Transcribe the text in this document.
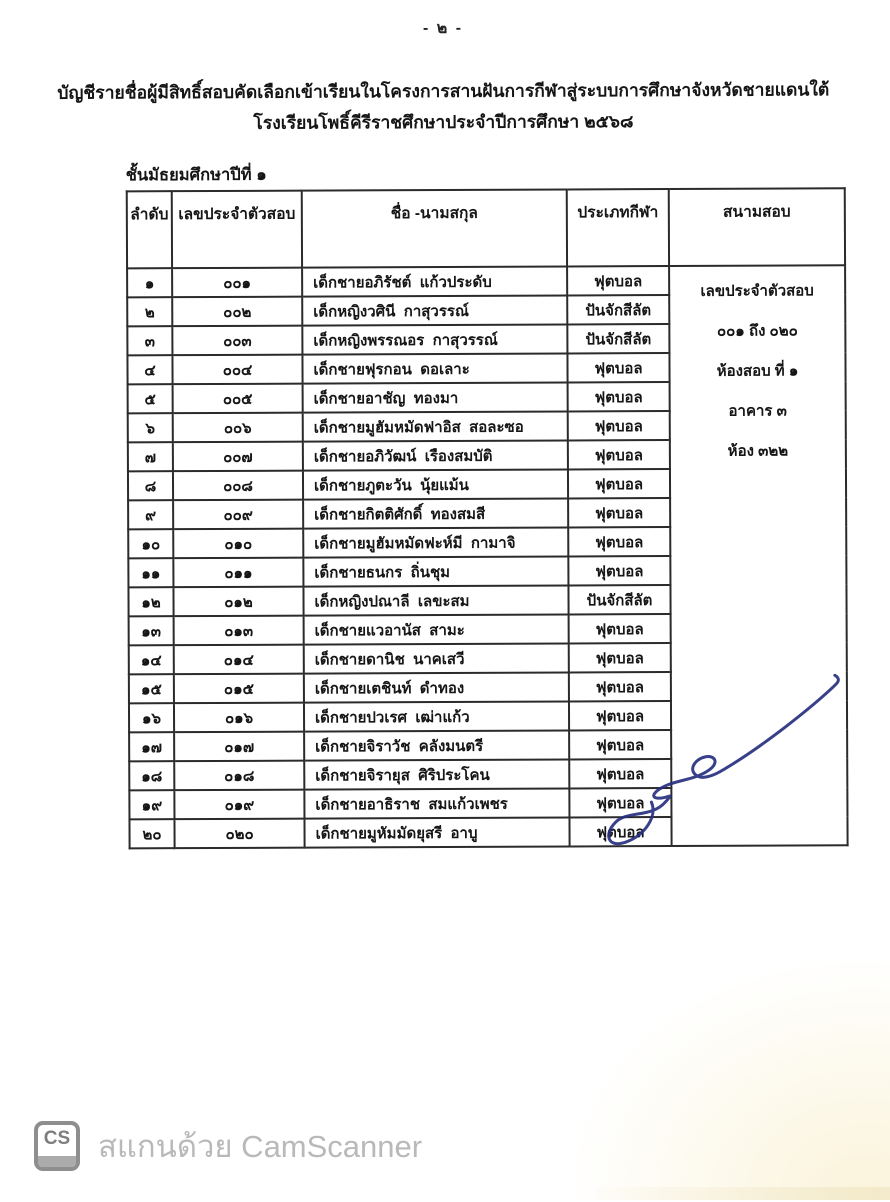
- ๒ -
บัญชีรายชื่อผู้มีสิทธิ์สอบคัดเลือกเข้าเรียนในโครงการสานฝันการกีฬาสู่ระบบการศึกษาจังหวัดชายแดนใต้
โรงเรียนโพธิ์คีรีราชศึกษาประจำปีการศึกษา ๒๕๖๘
ชั้นมัธยมศึกษาปีที่ ๑
ลำดับ	เลขประจำตัวสอบ	ชื่อ -นามสกุล	ประเภทกีฬา	สนามสอบ
๑	๐๐๑	เด็กชายอภิรัชต์  แก้วประดับ	ฟุตบอล	เลขประจำตัวสอบ
๐๐๑ ถึง ๐๒๐
ห้องสอบ ที่ ๑
อาคาร ๓
ห้อง ๓๒๒

๒	๐๐๒	เด็กหญิงวศินี  กาสุวรรณ์	ปันจักสีลัต	
๓	๐๐๓	เด็กหญิงพรรณอร  กาสุวรรณ์	ปันจักสีลัต	
๔	๐๐๔	เด็กชายฟุรกอน  ดอเลาะ	ฟุตบอล	
๕	๐๐๕	เด็กชายอาชัญ  ทองมา	ฟุตบอล	
๖	๐๐๖	เด็กชายมูฮัมหมัดฟาอิส  สอละซอ	ฟุตบอล	
๗	๐๐๗	เด็กชายอภิวัฒน์  เรืองสมบัติ	ฟุตบอล	
๘	๐๐๘	เด็กชายภูตะวัน  นุ้ยแม้น	ฟุตบอล	
๙	๐๐๙	เด็กชายกิตติศักดิ์  ทองสมสี	ฟุตบอล	
๑๐	๐๑๐	เด็กชายมูฮัมหมัดฟะห์มี  กามาจิ	ฟุตบอล	
๑๑	๐๑๑	เด็กชายธนกร  ถิ่นชุม	ฟุตบอล	
๑๒	๐๑๒	เด็กหญิงปณาลี  เลขะสม	ปันจักสีลัต	
๑๓	๐๑๓	เด็กชายแวอานัส  สามะ	ฟุตบอล	
๑๔	๐๑๔	เด็กชายดานิช  นาคเสวี	ฟุตบอล	
๑๕	๐๑๕	เด็กชายเตชินท์  ดำทอง	ฟุตบอล	
๑๖	๐๑๖	เด็กชายปวเรศ  เฒ่าแก้ว	ฟุตบอล	
๑๗	๐๑๗	เด็กชายจิราวัช  คลังมนตรี	ฟุตบอล	
๑๘	๐๑๘	เด็กชายจิรายุส  ศิริประโคน	ฟุตบอล	
๑๙	๐๑๙	เด็กชายอาธิราช  สมแก้วเพชร	ฟุตบอล	
๒๐	๐๒๐	เด็กชายมูหัมมัดยุสรี  อาบู	ฟุตบอล	
CS สแกนด้วย CamScanner
